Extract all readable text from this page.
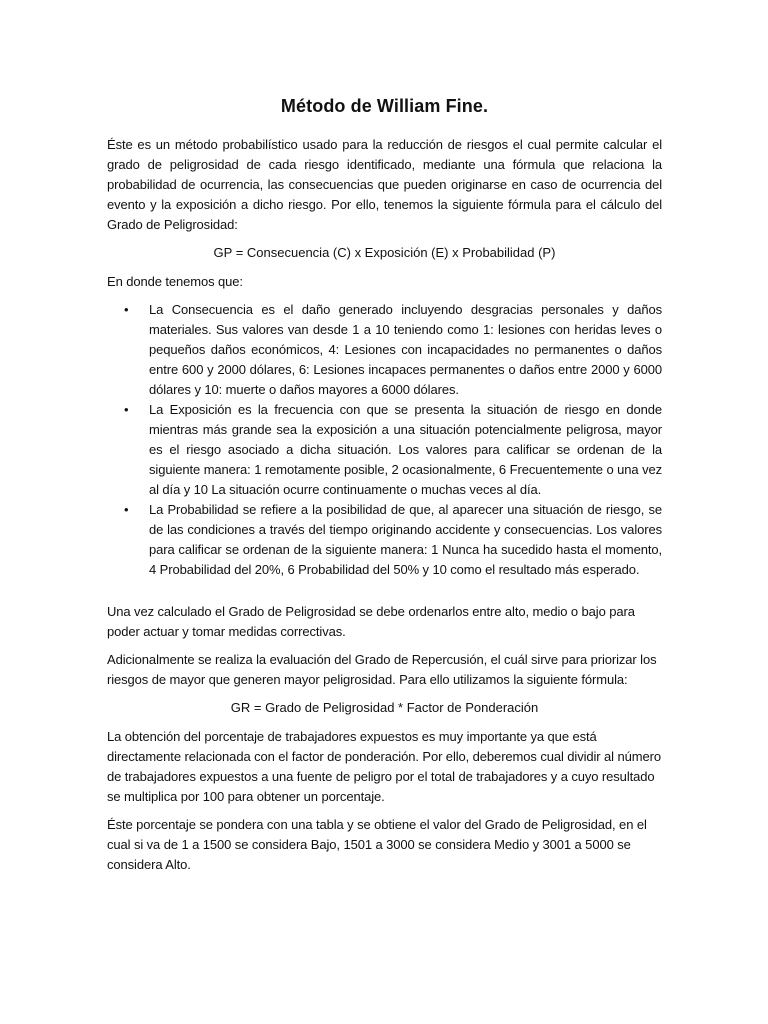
Método de William Fine.

Éste es un método probabilístico usado para la reducción de riesgos el cual permite calcular el grado de peligrosidad de cada riesgo identificado, mediante una fórmula que relaciona la probabilidad de ocurrencia, las consecuencias que pueden originarse en caso de ocurrencia del evento y la exposición a dicho riesgo. Por ello, tenemos la siguiente fórmula para el cálculo del Grado de Peligrosidad:

GP = Consecuencia (C) x Exposición (E) x Probabilidad (P)

En donde tenemos que:

• La Consecuencia es el daño generado incluyendo desgracias personales y daños materiales. Sus valores van desde 1 a 10 teniendo como 1: lesiones con heridas leves o pequeños daños económicos, 4: Lesiones con incapacidades no permanentes o daños entre 600 y 2000 dólares, 6: Lesiones incapaces permanentes o daños entre 2000 y 6000 dólares y 10: muerte o daños mayores a 6000 dólares.
• La Exposición es la frecuencia con que se presenta la situación de riesgo en donde mientras más grande sea la exposición a una situación potencialmente peligrosa, mayor es el riesgo asociado a dicha situación. Los valores para calificar se ordenan de la siguiente manera: 1 remotamente posible, 2 ocasionalmente, 6 Frecuentemente o una vez al día y 10 La situación ocurre continuamente o muchas veces al día.
• La Probabilidad se refiere a la posibilidad de que, al aparecer una situación de riesgo, se de las condiciones a través del tiempo originando accidente y consecuencias. Los valores para calificar se ordenan de la siguiente manera: 1 Nunca ha sucedido hasta el momento, 4 Probabilidad del 20%, 6 Probabilidad del 50% y 10 como el resultado más esperado.

Una vez calculado el Grado de Peligrosidad se debe ordenarlos entre alto, medio o bajo para poder actuar y tomar medidas correctivas.

Adicionalmente se realiza la evaluación del Grado de Repercusión, el cuál sirve para priorizar los riesgos de mayor que generen mayor peligrosidad. Para ello utilizamos la siguiente fórmula:

GR = Grado de Peligrosidad * Factor de Ponderación

La obtención del porcentaje de trabajadores expuestos es muy importante ya que está directamente relacionada con el factor de ponderación. Por ello, deberemos cual dividir al número de trabajadores expuestos a una fuente de peligro por el total de trabajadores y a cuyo resultado se multiplica por 100 para obtener un porcentaje.

Éste porcentaje se pondera con una tabla y se obtiene el valor del Grado de Peligrosidad, en el cual si va de 1 a 1500 se considera Bajo, 1501 a 3000 se considera Medio y 3001 a 5000 se considera Alto.
